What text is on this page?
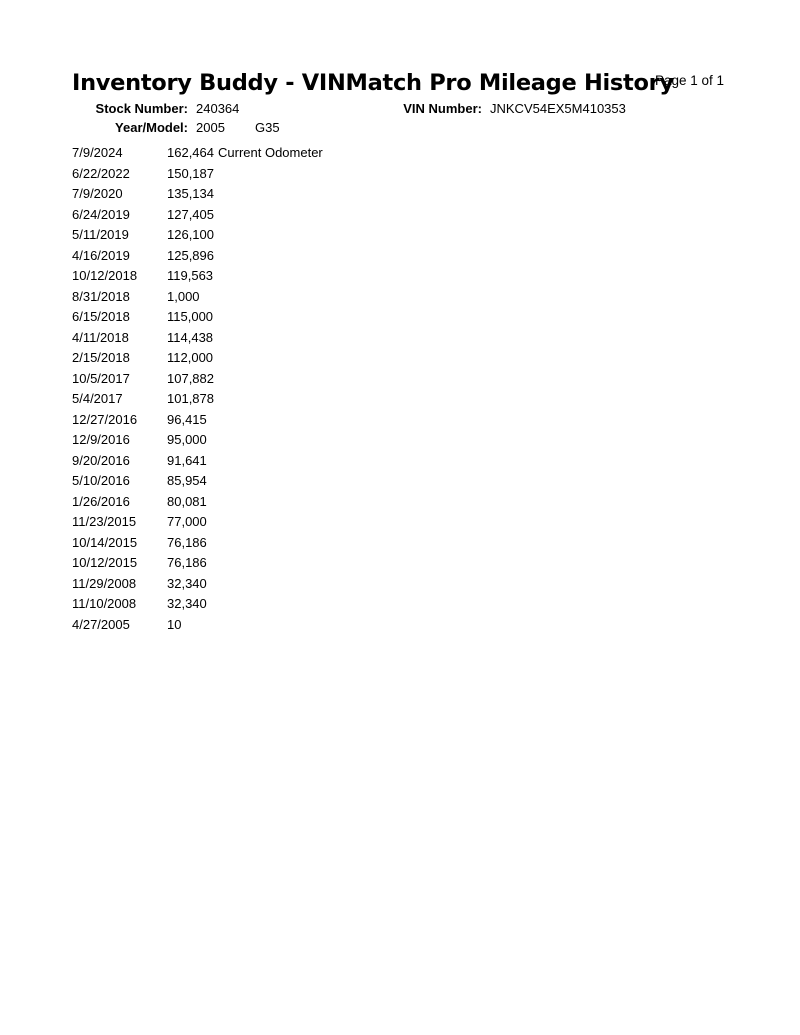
Inventory Buddy - VINMatch Pro Mileage History
Page 1 of 1
Stock Number: 240364	VIN Number: JNKCV54EX5M410353
Year/Model: 2005 G35
7/9/2024	162,464 Current Odometer
6/22/2022	150,187
7/9/2020	135,134
6/24/2019	127,405
5/11/2019	126,100
4/16/2019	125,896
10/12/2018 119,563
8/31/2018	1,000
6/15/2018	115,000
4/11/2018	114,438
2/15/2018	112,000
10/5/2017	107,882
5/4/2017	101,878
12/27/2016 96,415
12/9/2016	95,000
9/20/2016	91,641
5/10/2016	85,954
1/26/2016	80,081
11/23/2015 77,000
10/14/2015 76,186
10/12/2015 76,186
11/29/2008 32,340
11/10/2008 32,340
4/27/2005	10
